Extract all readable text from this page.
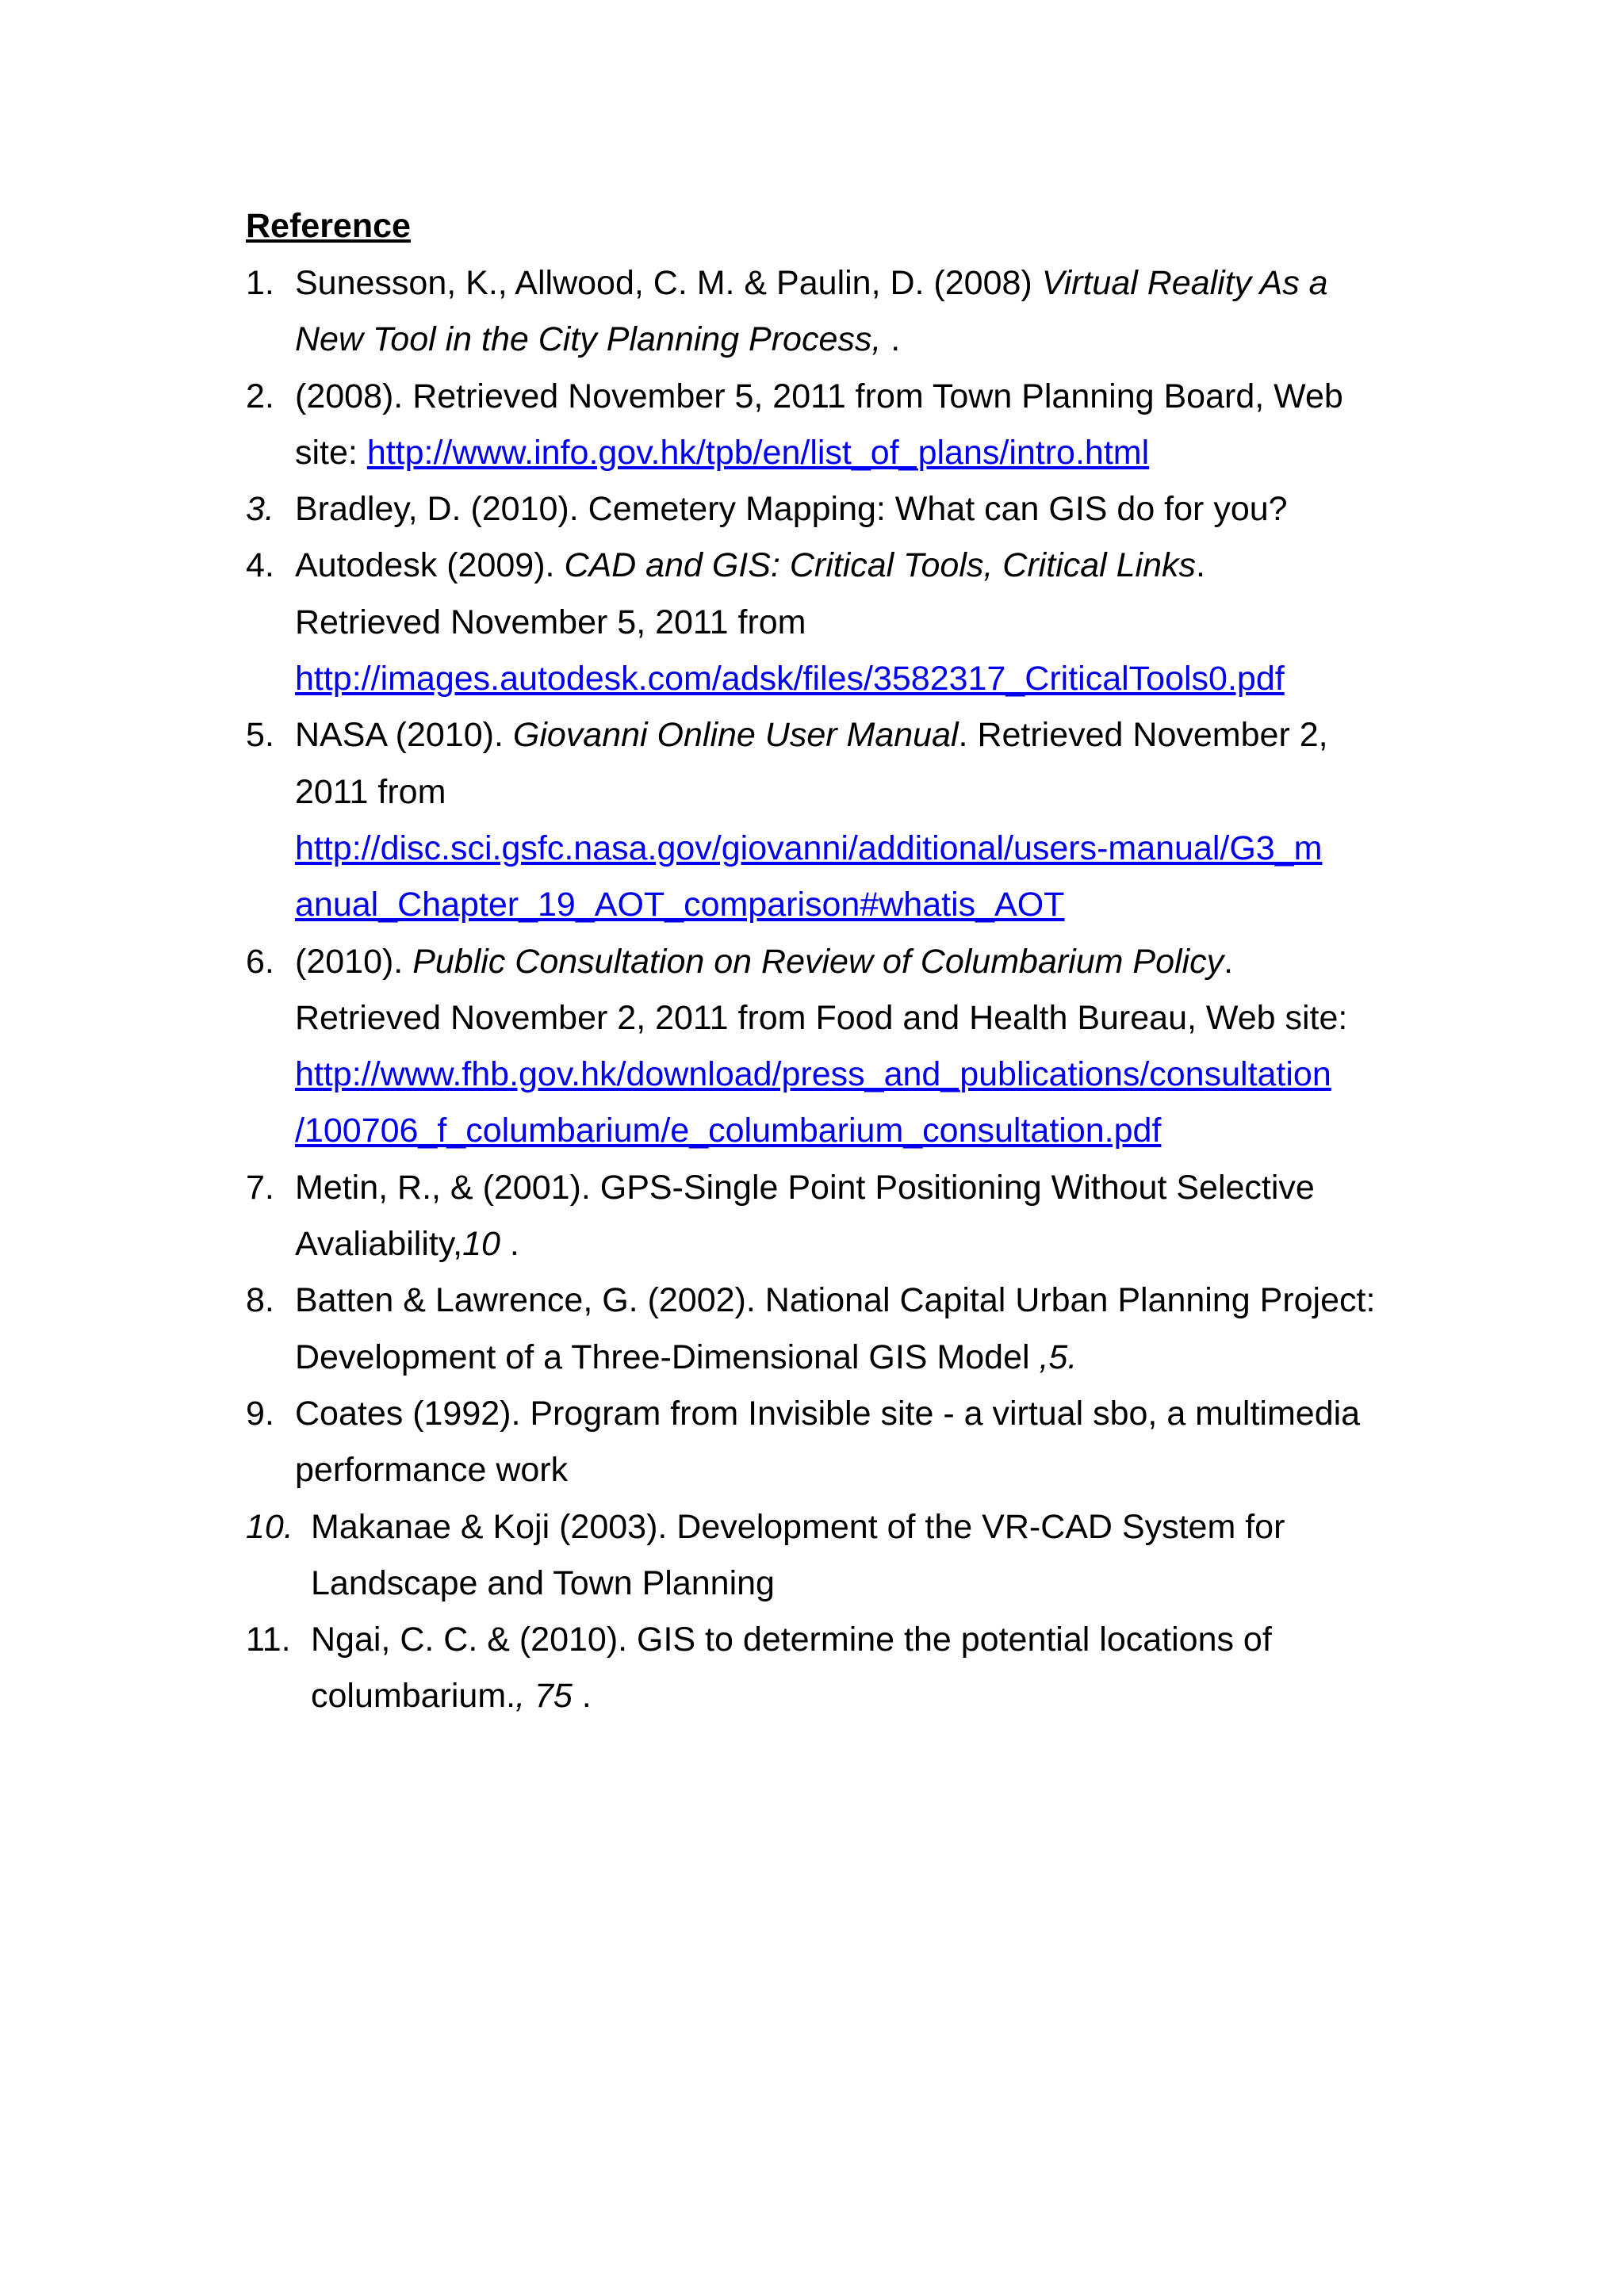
Reference
1. Sunesson, K., Allwood, C. M. & Paulin, D. (2008) Virtual Reality As a New Tool in the City Planning Process, .
2. (2008). Retrieved November 5, 2011 from Town Planning Board, Web site: http://www.info.gov.hk/tpb/en/list_of_plans/intro.html
3. Bradley, D. (2010). Cemetery Mapping: What can GIS do for you?
4. Autodesk (2009). CAD and GIS: Critical Tools, Critical Links.
Retrieved November 5, 2011 from
http://images.autodesk.com/adsk/files/3582317_CriticalTools0.pdf
5. NASA (2010). Giovanni Online User Manual. Retrieved November 2, 2011 from
http://disc.sci.gsfc.nasa.gov/giovanni/additional/users-manual/G3_m
anual_Chapter_19_AOT_comparison#whatis_AOT
6. (2010). Public Consultation on Review of Columbarium Policy.
Retrieved November 2, 2011 from Food and Health Bureau, Web site:
http://www.fhb.gov.hk/download/press_and_publications/consultation
/100706_f_columbarium/e_columbarium_consultation.pdf
7. Metin, R., & (2001). GPS-Single Point Positioning Without Selective Avaliability,10 .
8. Batten & Lawrence, G. (2002). National Capital Urban Planning Project: Development of a Three-Dimensional GIS Model ,5.
9. Coates (1992). Program from Invisible site - a virtual sbo, a multimedia performance work
10. Makanae & Koji (2003). Development of the VR-CAD System for Landscape and Town Planning
11. Ngai, C. C. & (2010). GIS to determine the potential locations of columbarium., 75 .
